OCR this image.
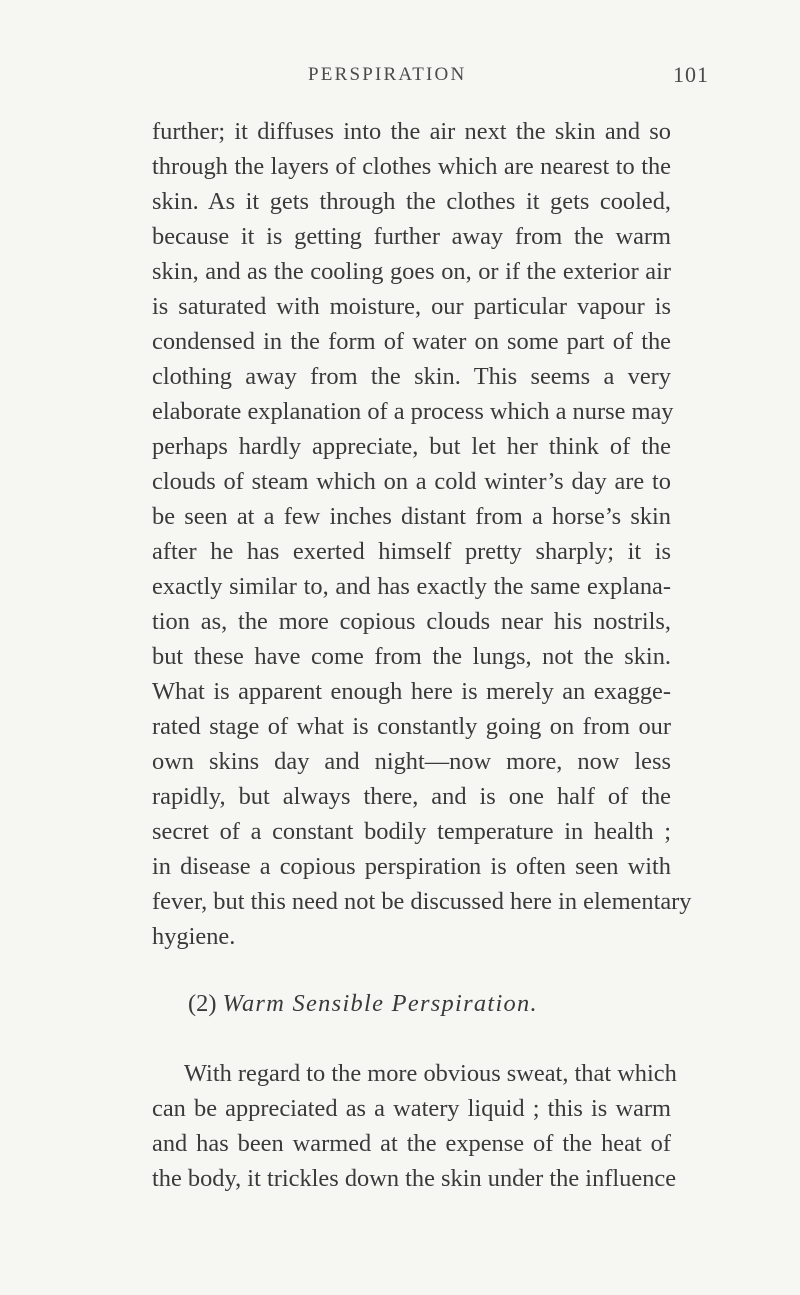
PERSPIRATION	101
further; it diffuses into the air next the skin and so
through the layers of clothes which are nearest to the
skin. As it gets through the clothes it gets cooled,
because it is getting further away from the warm
skin, and as the cooling goes on, or if the exterior air
is saturated with moisture, our particular vapour is
condensed in the form of water on some part of the
clothing away from the skin. This seems a very
elaborate explanation of a process which a nurse may
perhaps hardly appreciate, but let her think of the
clouds of steam which on a cold winter’s day are to
be seen at a few inches distant from a horse’s skin
after he has exerted himself pretty sharply; it is
exactly similar to, and has exactly the same explana-
tion as, the more copious clouds near his nostrils,
but these have come from the lungs, not the skin.
What is apparent enough here is merely an exagge-
rated stage of what is constantly going on from our
own skins day and night—now more, now less
rapidly, but always there, and is one half of the
secret of a constant bodily temperature in health ;
in disease a copious perspiration is often seen with
fever, but this need not be discussed here in elementary
hygiene.
(2) Warm Sensible Perspiration.
With regard to the more obvious sweat, that which
can be appreciated as a watery liquid ; this is warm
and has been warmed at the expense of the heat of
the body, it trickles down the skin under the influence
